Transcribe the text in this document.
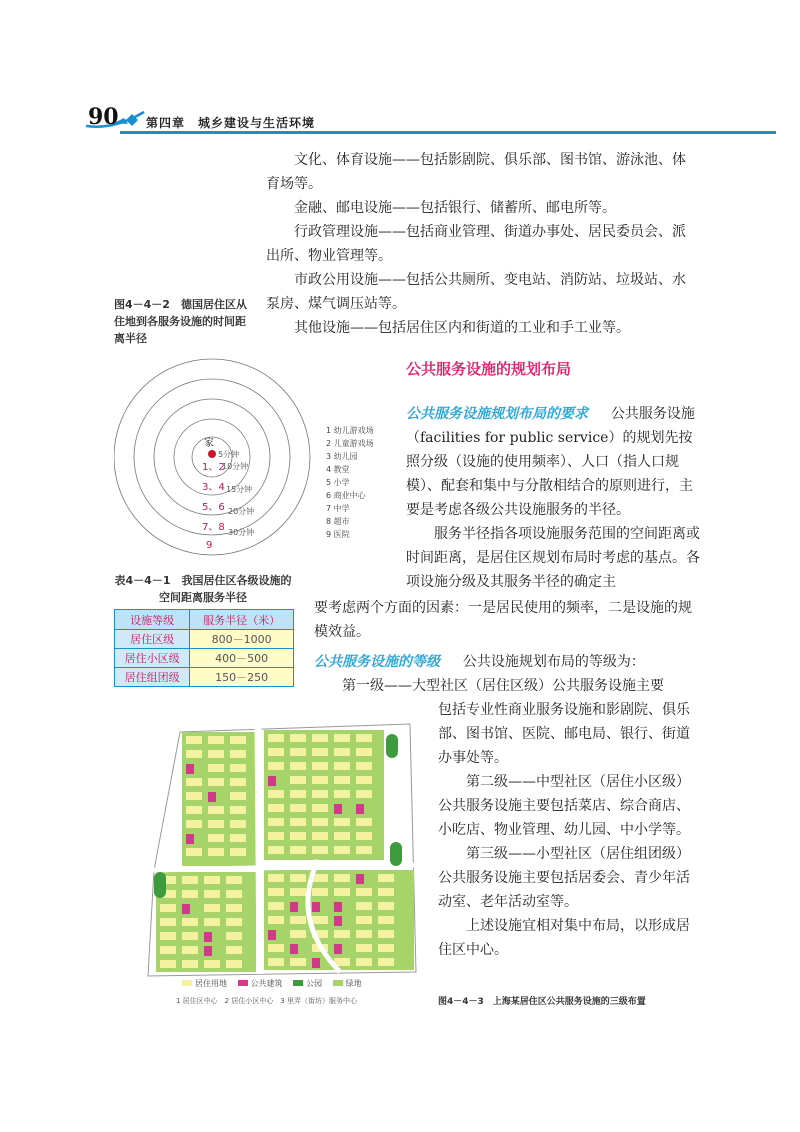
90 第四章　城乡建设与生活环境

文化、体育设施——包括影剧院、俱乐部、图书馆、游泳池、体育场等。

金融、邮电设施——包括银行、储蓄所、邮电所等。

行政管理设施——包括商业管理、街道办事处、居民委员会、派出所、物业管理等。

市政公用设施——包括公共厕所、变电站、消防站、垃圾站、水泵房、煤气调压站等。

其他设施——包括居住区内和街道的工业和手工业等。

图4－4－2　德国居住区从住地到各服务设施的时间距离半径
家
5分钟
10分钟
15分钟
20分钟
30分钟
1、2
3、4
5、6
7、8
9
1 幼儿游戏场
2 儿童游戏场
3 幼儿园
4 教堂
5 小学
6 商业中心
7 中学
8 超市
9 医院
公共服务设施的规划布局

公共服务设施规划布局的要求 公共服务设施（facilities for public service）的规划先按照分级（设施的使用频率）、人口（指人口规模）、配套和集中与分散相结合的原则进行，主要是考虑各级公共设施服务的半径。

服务半径指各项设施服务范围的空间距离或时间距离，是居住区规划布局时考虑的基点。各项设施分级及其服务半径的确定主

要考虑两个方面的因素：一是居民使用的频率，二是设施的规模效益。

表4－4－1　我国居住区各级设施的空间距离服务半径
设施等级	服务半径（米）
居住区级	800－1000
居住小区级	400－500
居住组团级	150－250

公共服务设施的等级 公共设施规划布局的等级为：

第一级——大型社区（居住区级）公共服务设施主要

包括专业性商业服务设施和影剧院、俱乐部、图书馆、医院、邮电局、银行、街道办事处等。

第二级——中型社区（居住小区级）公共服务设施主要包括菜店、综合商店、小吃店、物业管理、幼儿园、中小学等。

第三级——小型社区（居住组团级）公共服务设施主要包括居委会、青少年活动室、老年活动室等。

上述设施宜相对集中布局，以形成居住区中心。

居住用地	公共建筑	公园	绿地
1 居住区中心　2 居住小区中心　3 里弄（街坊）服务中心	图4－4－3　上海某居住区公共服务设施的三级布置
